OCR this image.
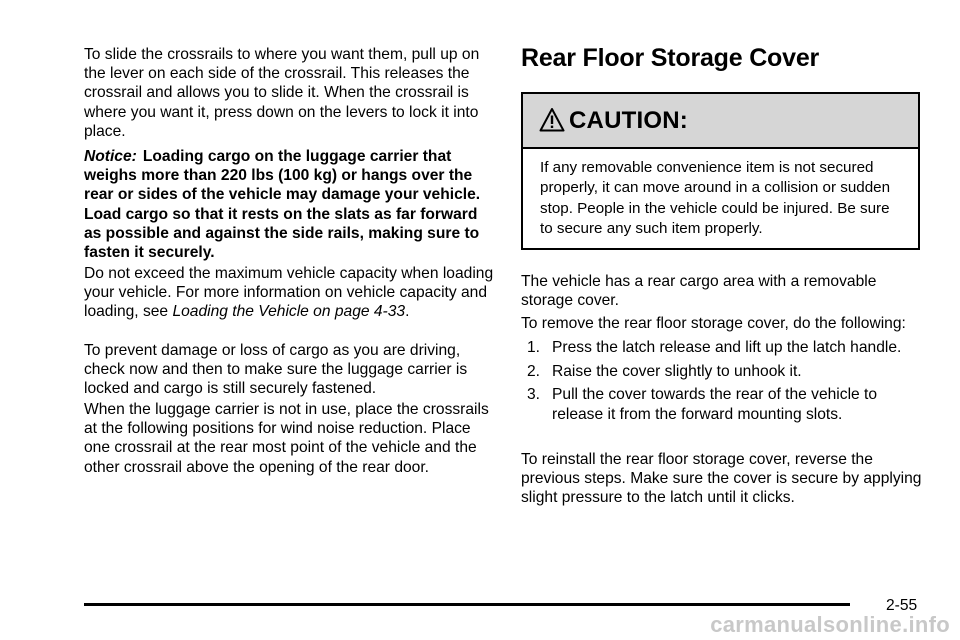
To slide the crossrails to where you want them, pull up on the lever on each side of the crossrail. This releases the crossrail and allows you to slide it. When the crossrail is where you want it, press down on the levers to lock it into place.

Notice: Loading cargo on the luggage carrier that weighs more than 220 lbs (100 kg) or hangs over the rear or sides of the vehicle may damage your vehicle. Load cargo so that it rests on the slats as far forward as possible and against the side rails, making sure to fasten it securely.

Do not exceed the maximum vehicle capacity when loading your vehicle. For more information on vehicle capacity and loading, see Loading the Vehicle on page 4-33.

To prevent damage or loss of cargo as you are driving, check now and then to make sure the luggage carrier is locked and cargo is still securely fastened.

When the luggage carrier is not in use, place the crossrails at the following positions for wind noise reduction. Place one crossrail at the rear most point of the vehicle and the other crossrail above the opening of the rear door.

Rear Floor Storage Cover
CAUTION:
If any removable convenience item is not secured properly, it can move around in a collision or sudden stop. People in the vehicle could be injured. Be sure to secure any such item properly.

The vehicle has a rear cargo area with a removable storage cover.

To remove the rear floor storage cover, do the following:

1. Press the latch release and lift up the latch handle.
2. Raise the cover slightly to unhook it.
3. Pull the cover towards the rear of the vehicle to release it from the forward mounting slots.

To reinstall the rear floor storage cover, reverse the previous steps. Make sure the cover is secure by applying slight pressure to the latch until it clicks.

2-55
carmanualsonline.info
